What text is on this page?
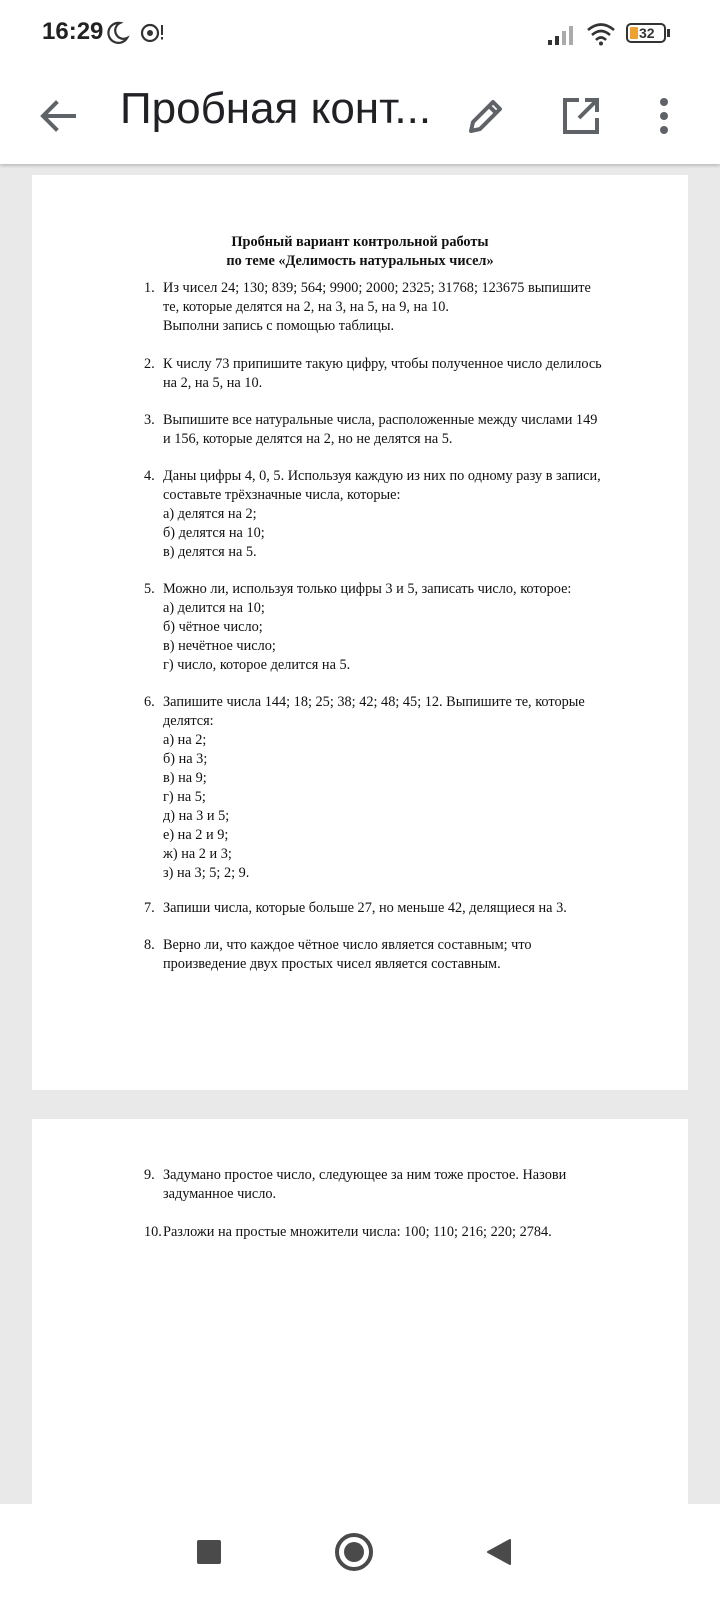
16:29	32
Пробная конт...
Пробный вариант контрольной работы
по теме «Делимость натуральных чисел»
1. Из чисел 24; 130; 839; 564; 9900; 2000; 2325; 31768; 123675 выпишите
те, которые делятся на 2, на 3, на 5, на 9, на 10.
Выполни запись с помощью таблицы.
2. К числу 73 припишите такую цифру, чтобы полученное число делилось
на 2, на 5, на 10.
3. Выпишите все натуральные числа, расположенные между числами 149
и 156, которые делятся на 2, но не делятся на 5.
4. Даны цифры 4, 0, 5. Используя каждую из них по одному разу в записи,
составьте трёхзначные числа, которые:
а) делятся на 2;
б) делятся на 10;
в) делятся на 5.
5. Можно ли, используя только цифры 3 и 5, записать число, которое:
а) делится на 10;
б) чётное число;
в) нечётное число;
г) число, которое делится на 5.
6. Запишите числа 144; 18; 25; 38; 42; 48; 45; 12. Выпишите те, которые
делятся:
а) на 2;
б) на 3;
в) на 9;
г) на 5;
д) на 3 и 5;
е) на 2 и 9;
ж) на 2 и 3;
з) на 3; 5; 2; 9.
7. Запиши числа, которые больше 27, но меньше 42, делящиеся на 3.
8. Верно ли, что каждое чётное число является составным; что
произведение двух простых чисел является составным.
9. Задумано простое число, следующее за ним тоже простое. Назови
задуманное число.
10. Разложи на простые множители числа: 100; 110; 216; 220; 2784.
